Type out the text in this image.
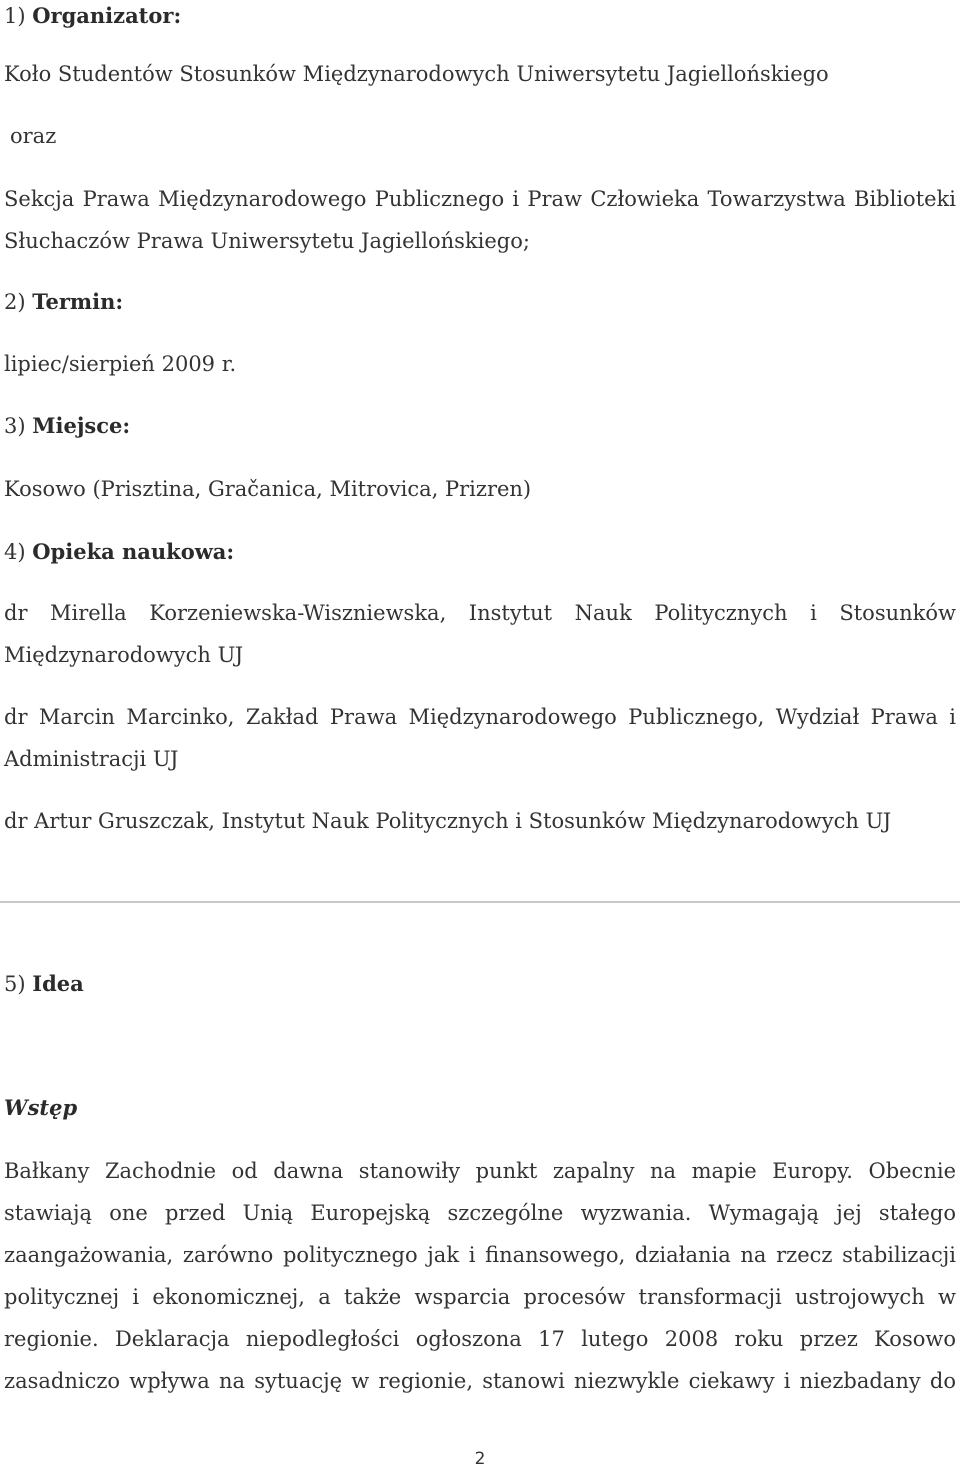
1) Organizator:
Koło Studentów Stosunków Międzynarodowych Uniwersytetu Jagiellońskiego
oraz
Sekcja Prawa Międzynarodowego Publicznego i Praw Człowieka Towarzystwa Biblioteki
Słuchaczów Prawa Uniwersytetu Jagiellońskiego;
2) Termin:
lipiec/sierpień 2009 r.
3) Miejsce:
Kosowo (Prisztina, Gračanica, Mitrovica, Prizren)
4) Opieka naukowa:
dr Mirella Korzeniewska-Wiszniewska, Instytut Nauk Politycznych i Stosunków
Międzynarodowych UJ
dr Marcin Marcinko, Zakład Prawa Międzynarodowego Publicznego, Wydział Prawa i
Administracji UJ
dr Artur Gruszczak, Instytut Nauk Politycznych i Stosunków Międzynarodowych UJ
5) Idea
Wstęp
Bałkany Zachodnie od dawna stanowiły punkt zapalny na mapie Europy. Obecnie
stawiają one przed Unią Europejską szczególne wyzwania. Wymagają jej stałego
zaangażowania, zarówno politycznego jak i finansowego, działania na rzecz stabilizacji
politycznej i ekonomicznej, a także wsparcia procesów transformacji ustrojowych w
regionie. Deklaracja niepodległości ogłoszona 17 lutego 2008 roku przez Kosowo
zasadniczo wpływa na sytuację w regionie, stanowi niezwykle ciekawy i niezbadany do
2
